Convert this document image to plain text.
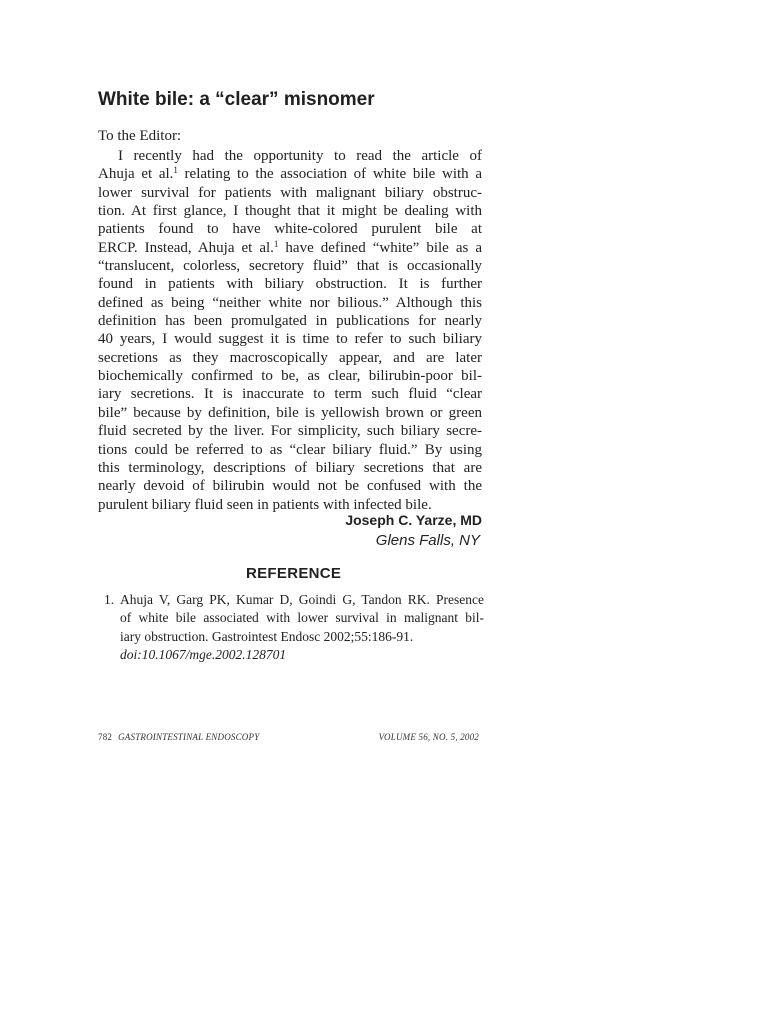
White bile: a “clear” misnomer
To the Editor:
I recently had the opportunity to read the article of
Ahuja et al.$^1$ relating to the association of white bile with a
lower survival for patients with malignant biliary obstruc-
tion. At first glance, I thought that it might be dealing with
patients found to have white-colored purulent bile at
ERCP. Instead, Ahuja et al.$^1$ have defined “white” bile as a
“translucent, colorless, secretory fluid” that is occasionally
found in patients with biliary obstruction. It is further
defined as being “neither white nor bilious.” Although this
definition has been promulgated in publications for nearly
40 years, I would suggest it is time to refer to such biliary
secretions as they macroscopically appear, and are later
biochemically confirmed to be, as clear, bilirubin-poor bil-
iary secretions. It is inaccurate to term such fluid “clear
bile” because by definition, bile is yellowish brown or green
fluid secreted by the liver. For simplicity, such biliary secre-
tions could be referred to as “clear biliary fluid.” By using
this terminology, descriptions of biliary secretions that are
nearly devoid of bilirubin would not be confused with the
purulent biliary fluid seen in patients with infected bile.
Joseph C. Yarze, MD
Glens Falls, NY
REFERENCE
1. Ahuja V, Garg PK, Kumar D, Goindi G, Tandon RK. Presence
of white bile associated with lower survival in malignant bil-
iary obstruction. Gastrointest Endosc 2002;55:186-91.
doi:10.1067/mge.2002.128701
782 GASTROINTESTINAL ENDOSCOPY	VOLUME 56, NO. 5, 2002
